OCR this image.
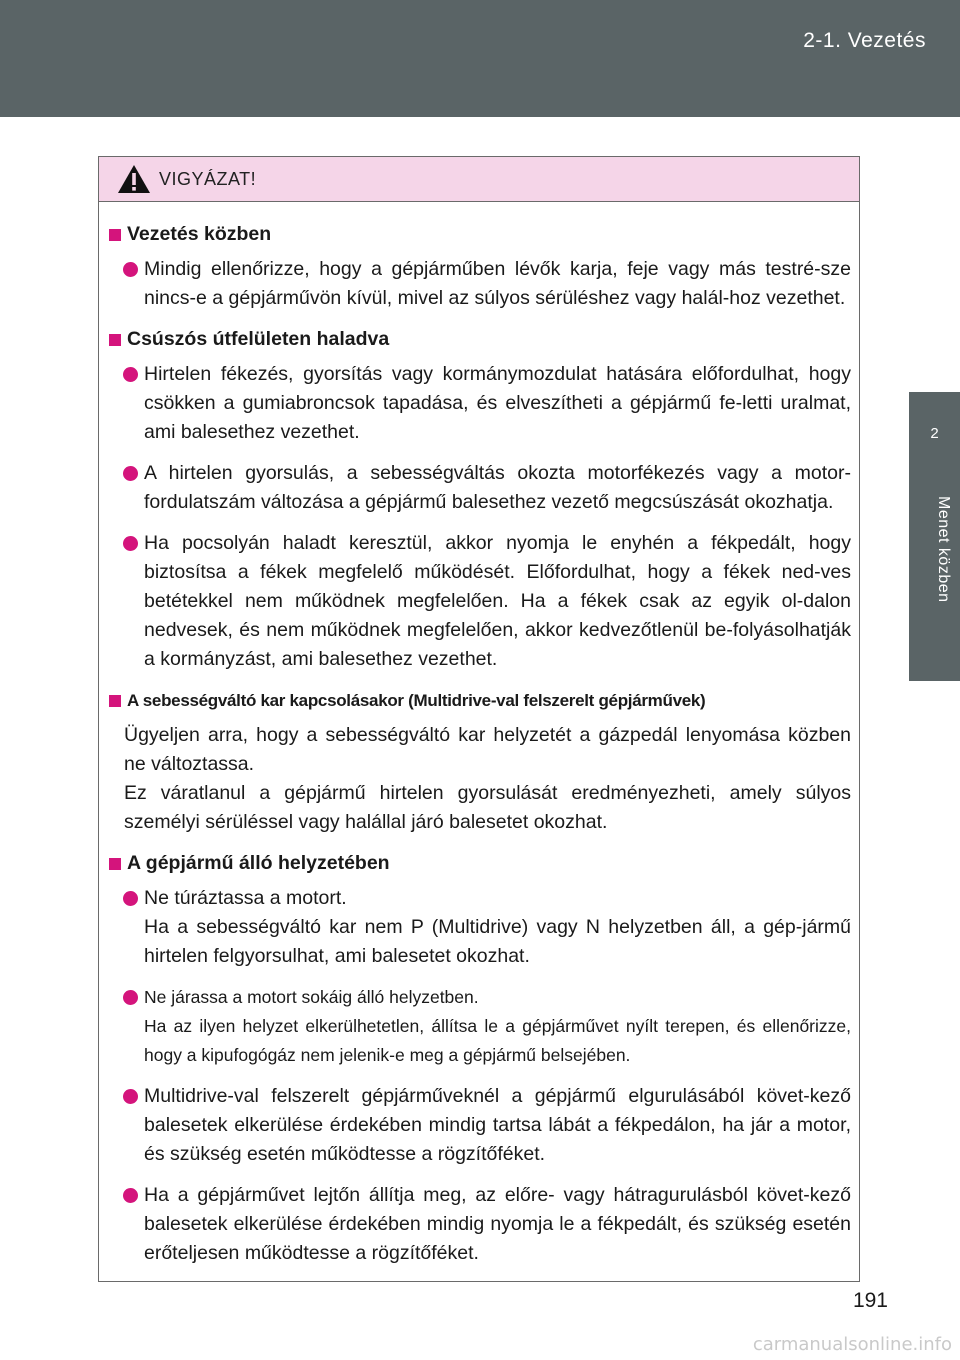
2-1. Vezetés
2
Menet közben
VIGYÁZAT!
Vezetés közben
Mindig ellenőrizze, hogy a gépjárműben lévők karja, feje vagy más testré-sze nincs-e a gépjárművön kívül, mivel az súlyos sérüléshez vagy halál-hoz vezethet.
Csúszós útfelületen haladva
Hirtelen fékezés, gyorsítás vagy kormánymozdulat hatására előfordulhat, hogy csökken a gumiabroncsok tapadása, és elveszítheti a gépjármű fe-letti uralmat, ami balesethez vezethet.
A hirtelen gyorsulás, a sebességváltás okozta motorfékezés vagy a motor-fordulatszám változása a gépjármű balesethez vezető megcsúszását okozhatja.
Ha pocsolyán haladt keresztül, akkor nyomja le enyhén a fékpedált, hogy biztosítsa a fékek megfelelő működését. Előfordulhat, hogy a fékek ned-ves betétekkel nem működnek megfelelően. Ha a fékek csak az egyik ol-dalon nedvesek, és nem működnek megfelelően, akkor kedvezőtlenül be-folyásolhatják a kormányzást, ami balesethez vezethet.
A sebességváltó kar kapcsolásakor (Multidrive-val felszerelt gépjárművek)
Ügyeljen arra, hogy a sebességváltó kar helyzetét a gázpedál lenyomása közben ne változtassa.
Ez váratlanul a gépjármű hirtelen gyorsulását eredményezheti, amely súlyos személyi sérüléssel vagy halállal járó balesetet okozhat.
A gépjármű álló helyzetében
Ne túráztassa a motort.
Ha a sebességváltó kar nem P (Multidrive) vagy N helyzetben áll, a gép-jármű hirtelen felgyorsulhat, ami balesetet okozhat.
Ne járassa a motort sokáig álló helyzetben.
Ha az ilyen helyzet elkerülhetetlen, állítsa le a gépjárművet nyílt terepen, és ellenőrizze, hogy a kipufogógáz nem jelenik-e meg a gépjármű belsejében.
Multidrive-val felszerelt gépjárműveknél a gépjármű elgurulásából követ-kező balesetek elkerülése érdekében mindig tartsa lábát a fékpedálon, ha jár a motor, és szükség esetén működtesse a rögzítőféket.
Ha a gépjárművet lejtőn állítja meg, az előre- vagy hátragurulásból követ-kező balesetek elkerülése érdekében mindig nyomja le a fékpedált, és szükség esetén erőteljesen működtesse a rögzítőféket.
191
carmanualsonline.info
